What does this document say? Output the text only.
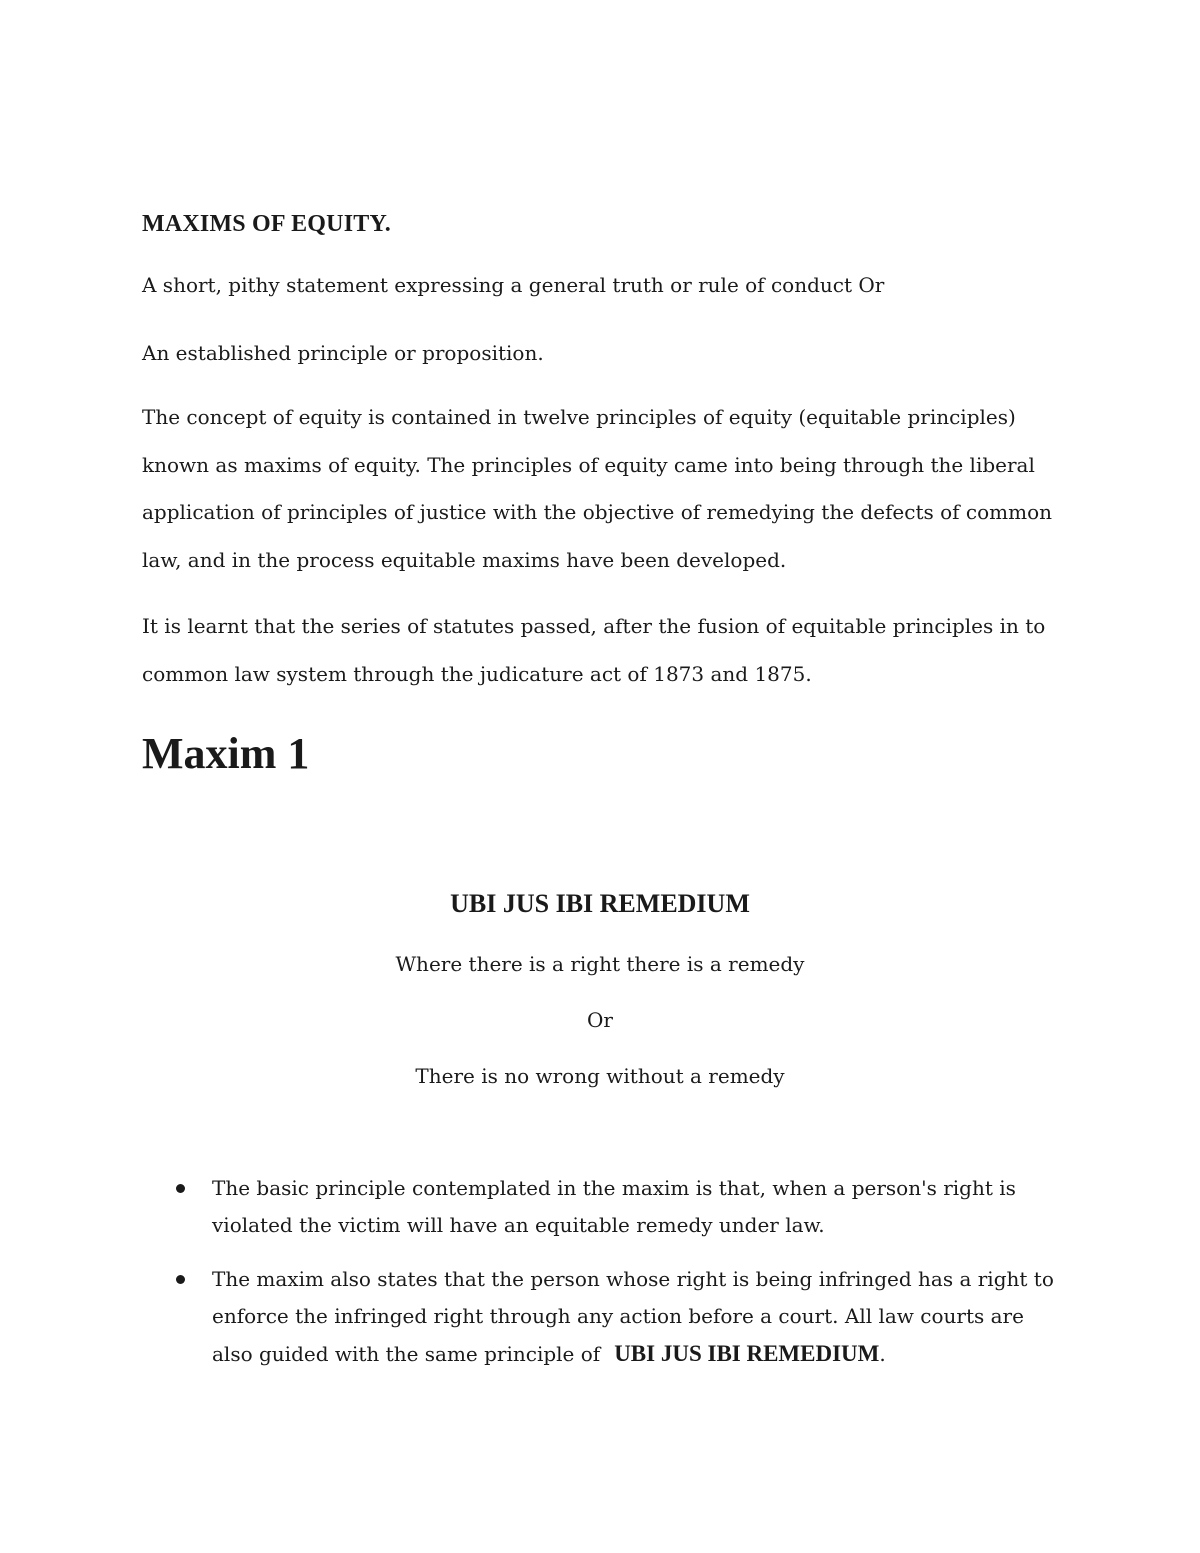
MAXIMS OF EQUITY.

A short, pithy statement expressing a general truth or rule of conduct Or

An established principle or proposition.

The concept of equity is contained in twelve principles of equity (equitable principles) known as maxims of equity. The principles of equity came into being through the liberal application of principles of justice with the objective of remedying the defects of common law, and in the process equitable maxims have been developed.

It is learnt that the series of statutes passed, after the fusion of equitable principles in to common law system through the judicature act of 1873 and 1875.

Maxim 1
UBI JUS IBI REMEDIUM
Where there is a right there is a remedy
Or
There is no wrong without a remedy
The basic principle contemplated in the maxim is that, when a person's right is violated the victim will have an equitable remedy under law.
The maxim also states that the person whose right is being infringed has a right to enforce the infringed right through any action before a court. All law courts are also guided with the same principle of UBI JUS IBI REMEDIUM.
